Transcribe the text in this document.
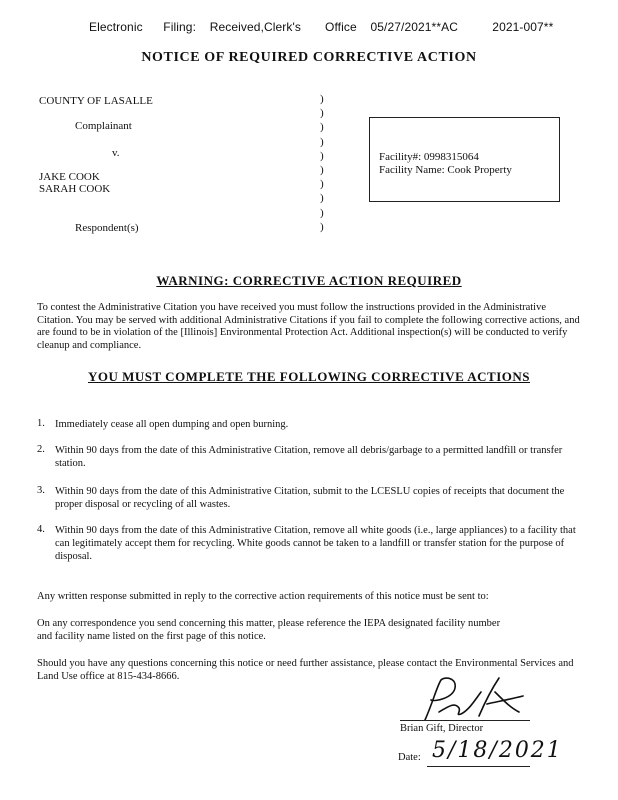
Electronic      Filing:    Received,Clerk's       Office    05/27/2021**AC          2021-007**
NOTICE OF REQUIRED CORRECTIVE ACTION
COUNTY OF LASALLE
Complainant
v.
JAKE COOK
SARAH COOK
Respondent(s)
)
)
)
)
)
)
)
)
)
)
Facility#: 0998315064
Facility Name: Cook Property
WARNING: CORRECTIVE ACTION REQUIRED
To contest the Administrative Citation you have received you must follow the instructions provided in the Administrative Citation. You may be served with additional Administrative Citations if you fail to complete the following corrective actions, and are found to be in violation of the [Illinois] Environmental Protection Act. Additional inspection(s) will be conducted to verify cleanup and compliance.
YOU MUST COMPLETE THE FOLLOWING CORRECTIVE ACTIONS
1. Immediately cease all open dumping and open burning.
2. Within 90 days from the date of this Administrative Citation, remove all debris/garbage to a permitted landfill or transfer station.
3. Within 90 days from the date of this Administrative Citation, submit to the LCESLU copies of receipts that document the proper disposal or recycling of all wastes.
4. Within 90 days from the date of this Administrative Citation, remove all white goods (i.e., large appliances) to a facility that can legitimately accept them for recycling. White goods cannot be taken to a landfill or transfer station for the purpose of disposal.
Any written response submitted in reply to the corrective action requirements of this notice must be sent to:
On any correspondence you send concerning this matter, please reference the IEPA designated facility number and facility name listed on the first page of this notice.
Should you have any questions concerning this notice or need further assistance, please contact the Environmental Services and Land Use office at 815-434-8666.
Brian Gift, Director
Date: 5/18/2021
